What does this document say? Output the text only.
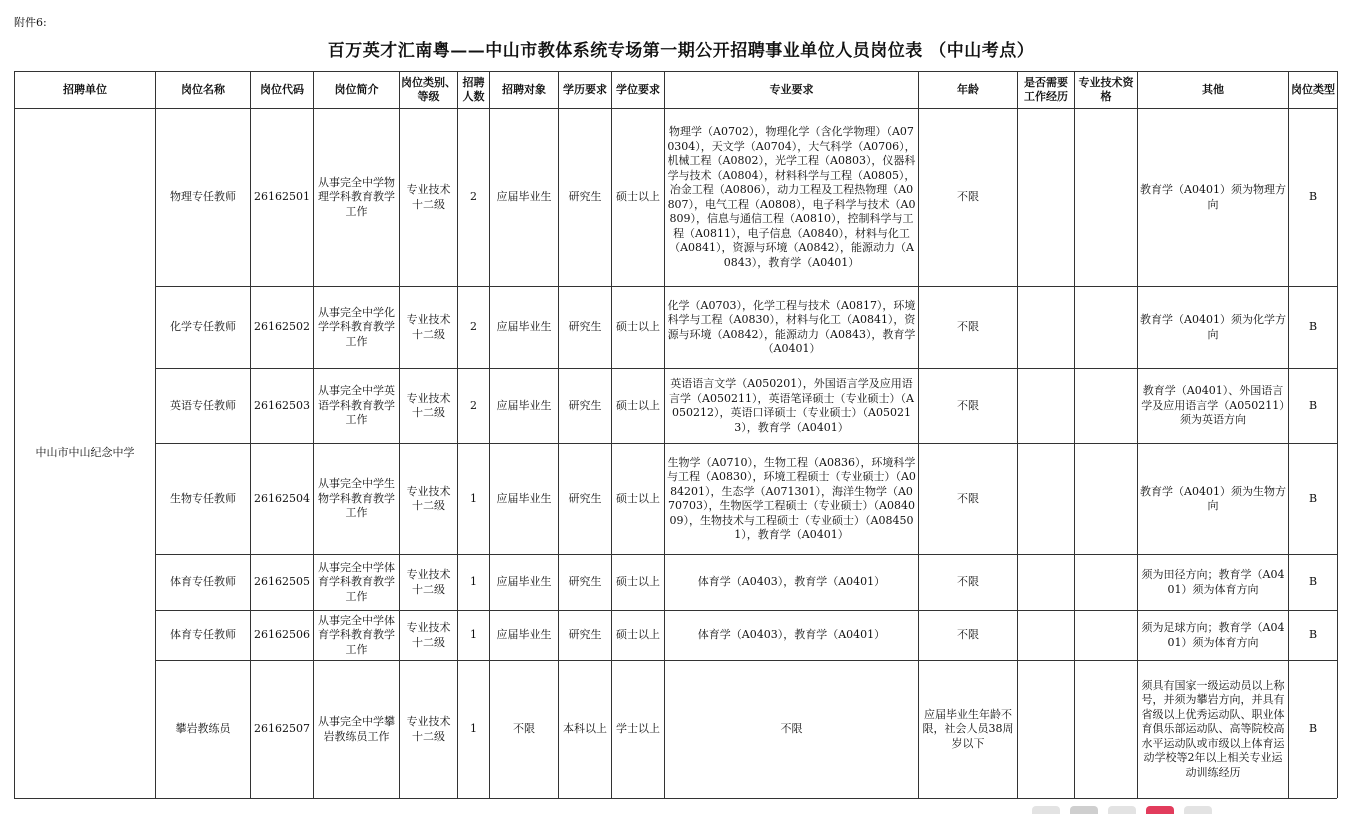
附件6:
百万英才汇南粤——中山市教体系统专场第一期公开招聘事业单位人员岗位表 （中山考点）
招聘单位	岗位名称	岗位代码	岗位简介	岗位类别、等级	招聘人数	招聘对象	学历要求	学位要求	专业要求	年龄	是否需要工作经历	专业技术资格	其他	岗位类型
中山市中山纪念中学	物理专任教师	26162501	从事完全中学物理学科教育教学工作	专业技术十二级	2	应届毕业生	研究生	硕士以上	物理学（A0702），物理化学（含化学物理）（A070304），天文学（A0704），大气科学（A0706），机械工程（A0802），光学工程（A0803），仪器科学与技术（A0804），材料科学与工程（A0805），冶金工程（A0806），动力工程及工程热物理（A0807），电气工程（A0808），电子科学与技术（A0809），信息与通信工程（A0810），控制科学与工程（A0811），电子信息（A0840），材料与化工（A0841），资源与环境（A0842），能源动力（A0843），教育学（A0401）	不限			教育学（A0401）须为物理方向	B
	化学专任教师	26162502	从事完全中学化学学科教育教学工作	专业技术十二级	2	应届毕业生	研究生	硕士以上	化学（A0703），化学工程与技术（A0817），环境科学与工程（A0830），材料与化工（A0841），资源与环境（A0842），能源动力（A0843），教育学（A0401）	不限			教育学（A0401）须为化学方向	B
	英语专任教师	26162503	从事完全中学英语学科教育教学工作	专业技术十二级	2	应届毕业生	研究生	硕士以上	英语语言文学（A050201），外国语言学及应用语言学（A050211），英语笔译硕士（专业硕士）（A050212），英语口译硕士（专业硕士）（A050213），教育学（A0401）	不限			教育学（A0401）、外国语言学及应用语言学（A050211）须为英语方向	B
	生物专任教师	26162504	从事完全中学生物学科教育教学工作	专业技术十二级	1	应届毕业生	研究生	硕士以上	生物学（A0710），生物工程（A0836），环境科学与工程（A0830），环境工程硕士（专业硕士）（A084201），生态学（A071301），海洋生物学（A070703），生物医学工程硕士（专业硕士）（A084009），生物技术与工程硕士（专业硕士）（A084501），教育学（A0401）	不限			教育学（A0401）须为生物方向	B
	体育专任教师	26162505	从事完全中学体育学科教育教学工作	专业技术十二级	1	应届毕业生	研究生	硕士以上	体育学（A0403），教育学（A0401）	不限			须为田径方向；教育学（A0401）须为体育方向	B
	体育专任教师	26162506	从事完全中学体育学科教育教学工作	专业技术十二级	1	应届毕业生	研究生	硕士以上	体育学（A0403），教育学（A0401）	不限			须为足球方向；教育学（A0401）须为体育方向	B
	攀岩教练员	26162507	从事完全中学攀岩教练员工作	专业技术十二级	1	不限	本科以上	学士以上	不限	应届毕业生年龄不限，社会人员38周岁以下			须具有国家一级运动员以上称号，并须为攀岩方向，并具有省级以上优秀运动队、职业体育俱乐部运动队、高等院校高水平运动队或市级以上体育运动学校等2年以上相关专业运动训练经历	B
